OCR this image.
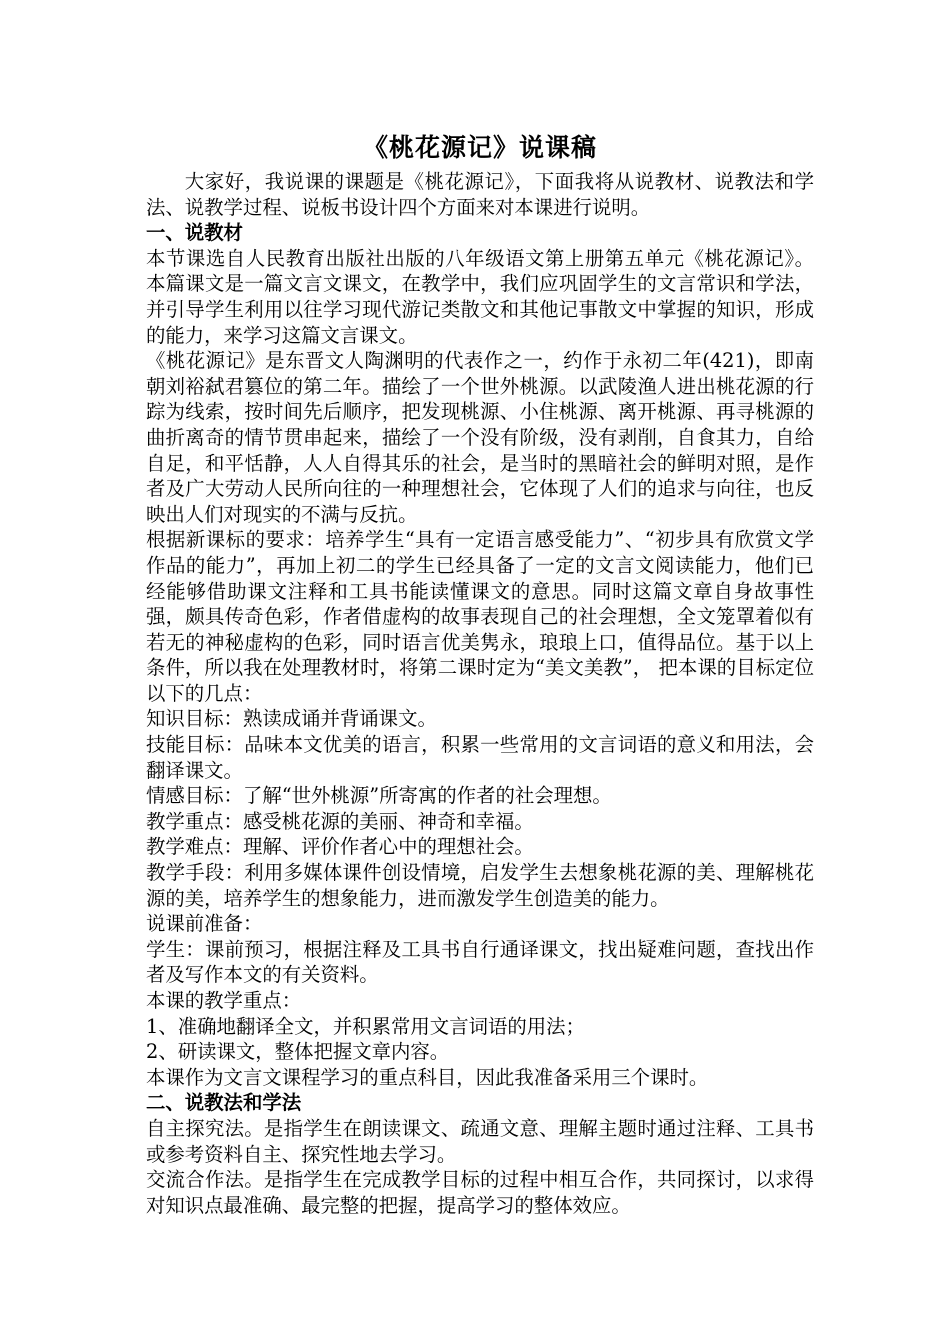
《桃花源记》说课稿

大家好，我说课的课题是《桃花源记》，下面我将从说教材、说教法和学法、说教学过程、说板书设计四个方面来对本课进行说明。

一、说教材

本节课选自人民教育出版社出版的八年级语文第上册第五单元《桃花源记》。本篇课文是一篇文言文课文，在教学中，我们应巩固学生的文言常识和学法，并引导学生利用以往学习现代游记类散文和其他记事散文中掌握的知识，形成的能力，来学习这篇文言课文。

《桃花源记》是东晋文人陶渊明的代表作之一，约作于永初二年(421)，即南朝刘裕弑君篡位的第二年。描绘了一个世外桃源。以武陵渔人进出桃花源的行踪为线索，按时间先后顺序，把发现桃源、小住桃源、离开桃源、再寻桃源的曲折离奇的情节贯串起来，描绘了一个没有阶级，没有剥削，自食其力，自给自足，和平恬静，人人自得其乐的社会，是当时的黑暗社会的鲜明对照，是作者及广大劳动人民所向往的一种理想社会，它体现了人们的追求与向往，也反映出人们对现实的不满与反抗。

根据新课标的要求：培养学生“具有一定语言感受能力”、“初步具有欣赏文学作品的能力”，再加上初二的学生已经具备了一定的文言文阅读能力，他们已经能够借助课文注释和工具书能读懂课文的意思。同时这篇文章自身故事性强，颇具传奇色彩，作者借虚构的故事表现自己的社会理想，全文笼罩着似有若无的神秘虚构的色彩，同时语言优美隽永，琅琅上口，值得品位。基于以上条件，所以我在处理教材时，将第二课时定为“美文美教”， 把本课的目标定位以下的几点：

知识目标：熟读成诵并背诵课文。

技能目标：品味本文优美的语言，积累一些常用的文言词语的意义和用法，会翻译课文。

情感目标：了解“世外桃源”所寄寓的作者的社会理想。

教学重点：感受桃花源的美丽、神奇和幸福。

教学难点：理解、评价作者心中的理想社会。

教学手段：利用多媒体课件创设情境，启发学生去想象桃花源的美、理解桃花源的美，培养学生的想象能力，进而激发学生创造美的能力。

说课前准备：

学生：课前预习，根据注释及工具书自行通译课文，找出疑难问题，查找出作者及写作本文的有关资料。

本课的教学重点：

1、准确地翻译全文，并积累常用文言词语的用法；

2、研读课文，整体把握文章内容。

本课作为文言文课程学习的重点科目，因此我准备采用三个课时。

二、说教法和学法

自主探究法。是指学生在朗读课文、疏通文意、理解主题时通过注释、工具书或参考资料自主、探究性地去学习。

交流合作法。是指学生在完成教学目标的过程中相互合作，共同探讨，以求得对知识点最准确、最完整的把握，提高学习的整体效应。
